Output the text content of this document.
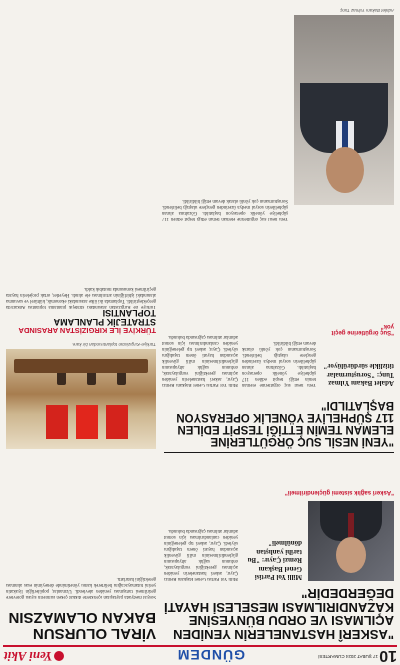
10
17 ŞUBAT 2024 CUMARTESİ
GÜNDEM
Yeni Akit
"ASKERÎ HASTANELERİN YENİDEN AÇILMASI VE ORDU BÜNYESİNE KAZANDIRILMASI MESELESİ HAYATİ DEĞERDEDİR"
Milli Yol Partisi Genel Başkanı Remzi Çayır: "Bu tarihi yanlıştan dönülmeli"
Milli Yol Partisi Genel Başkanı Remzi Çayır, askeri hastanelerin yeniden açılması gerektiğini vurgulayarak, ordunun sağlık altyapısının güçlendirilmesinin milli güvenlik açısından hayati önem taşıdığını söyledi. Çayır, askeri tıp geleneğinin yeniden canlandırılması için somut adımlar atılması çağrısında bulundu.
"Askerî sağlık sistemi güçlendirilmeli"
VİRAL OLURSUN BAKAN OLAMAZSIN
Sosyal medyada paylaşılan içeriklerle dikkat çeken isimlerin siyasi görevlere getirilmesi tartışması yeniden alevlendi. Uzmanlar, popülerliğin liyakatin yerini tutamayacağını belirterek kamu yönetiminde deneyimin esas alınması gerektiğini hatırlattı.
Türkiye-Kırgızistan toplantısından bir kare.
TÜRKİYE İLE KIRGIZİSTAN ARASINDA
STRATEJİK PLANLAMA TOPLANTISI
Türkiye ile Kırgızistan arasındaki stratejik planlama toplantısı Ankara'da gerçekleştirildi. Toplantıda iki ülke arasındaki ekonomik, kültürel ve savunma alanındaki işbirliğinin artırılması ele alındı. Heyetler, ortak projelerin hayata geçirilmesi konusunda mutabık kaldı.
"YENİ NESİL SUÇ ÖRGÜTLERİNE ELEMAN TEMİN ETTİĞİ TESPİT EDİLEN 117 ŞÜPHELİYE YÖNELİK OPERASYON BAŞLATILDI"
Adalet Bakanı Yılmaz Tunç: "Soruşturmalar titizlikle sürdürülüyor"
Yeni nesil suç örgütlerine eleman temin ettiği tespit edilen 117 şüpheliye yönelik operasyon başlatıldı. Gözaltına alınan şüphelilerin sosyal medya üzerinden gençlere ulaştığı belirlendi. Soruşturmanın çok yönlü olarak devam ettiği bildirildi.
"Suç örgütlerine geçit yok"
Adalet Bakanı Yılmaz Tunç
Yeni nesil suç örgütlerine eleman temin ettiği tespit edilen 117 şüpheliye yönelik operasyon başlatıldı. Gözaltına alınan şüphelilerin sosyal medya üzerinden gençlere ulaştığı belirlendi. Soruşturmanın çok yönlü olarak devam ettiği bildirildi.
Milli Yol Partisi Genel Başkanı Remzi Çayır, askeri hastanelerin yeniden açılması gerektiğini vurgulayarak, ordunun sağlık altyapısının güçlendirilmesinin milli güvenlik açısından hayati önem taşıdığını söyledi. Çayır, askeri tıp geleneğinin yeniden canlandırılması için somut adımlar atılması çağrısında bulundu.
